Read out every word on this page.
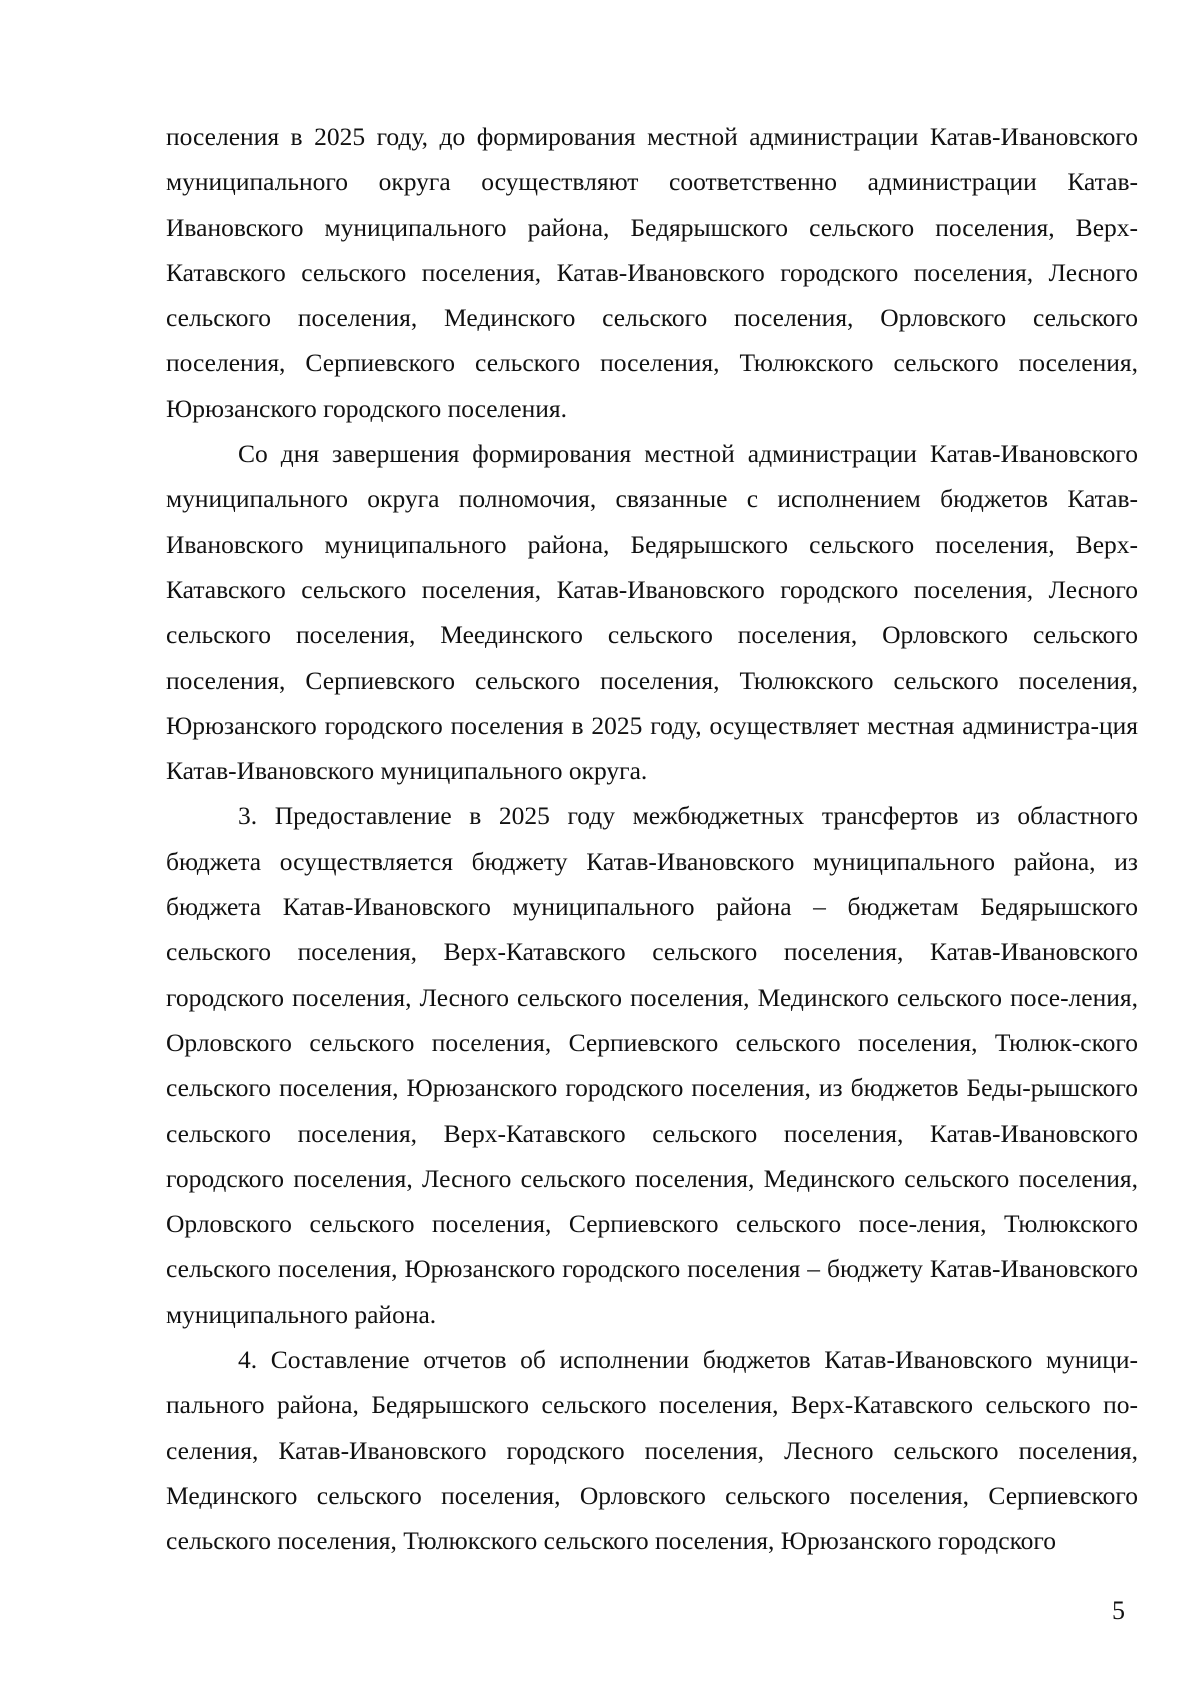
поселения в 2025 году, до формирования местной администрации Катав-Ивановского муниципального округа осуществляют соответственно администрации Катав-Ивановского муниципального района, Бедярышского сельского поселения, Верх-Катавского сельского поселения, Катав-Ивановского городского поселения, Лесного сельского поселения, Мединского сельского поселения, Орловского сельского поселения, Серпиевского сельского поселения, Тюлюкского сельского поселения, Юрюзанского городского поселения.

Со дня завершения формирования местной администрации Катав-Ивановского муниципального округа полномочия, связанные с исполнением бюджетов Катав-Ивановского муниципального района, Бедярышского сельского поселения, Верх-Катавского сельского поселения, Катав-Ивановского городского поселения, Лесного сельского поселения, Меединского сельского поселения, Орловского сельского поселения, Серпиевского сельского поселения, Тюлюкского сельского поселения, Юрюзанского городского поселения в 2025 году, осуществляет местная администра-ция Катав-Ивановского муниципального округа.

3. Предоставление в 2025 году межбюджетных трансфертов из областного бюджета осуществляется бюджету Катав-Ивановского муниципального района, из бюджета Катав-Ивановского муниципального района – бюджетам Бедярышского сельского поселения, Верх-Катавского сельского поселения, Катав-Ивановского городского поселения, Лесного сельского поселения, Мединского сельского посе-ления, Орловского сельского поселения, Серпиевского сельского поселения, Тюлюк-ского сельского поселения, Юрюзанского городского поселения, из бюджетов Беды-рышского сельского поселения, Верх-Катавского сельского поселения, Катав-Ивановского городского поселения, Лесного сельского поселения, Мединского сельского поселения, Орловского сельского поселения, Серпиевского сельского посе-ления, Тюлюкского сельского поселения, Юрюзанского городского поселения – бюджету Катав-Ивановского муниципального района.

4. Составление отчетов об исполнении бюджетов Катав-Ивановского муници-пального района, Бедярышского сельского поселения, Верх-Катавского сельского по-селения, Катав-Ивановского городского поселения, Лесного сельского поселения, Мединского сельского поселения, Орловского сельского поселения, Серпиевского сельского поселения, Тюлюкского сельского поселения, Юрюзанского городского

5
